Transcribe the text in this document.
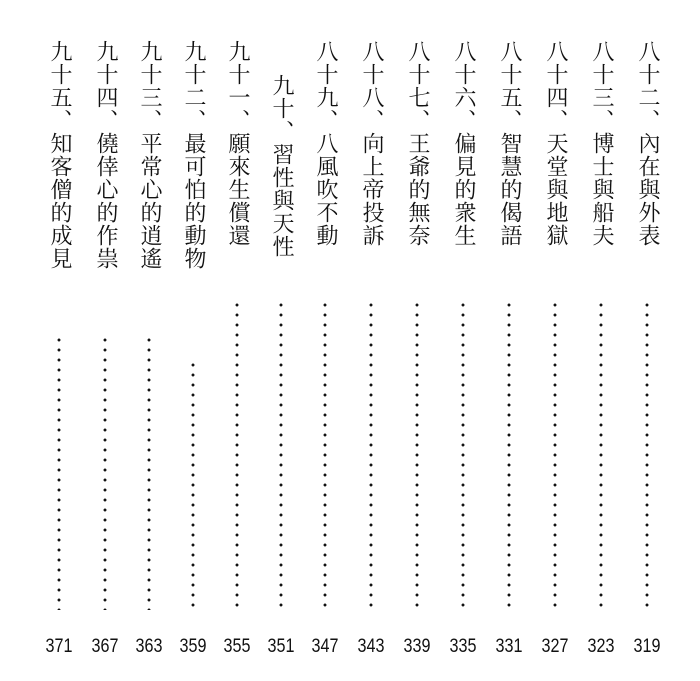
八十二、內在與外表
319
八十三、博士與船夫
323
八十四、天堂與地獄
327
八十五、智慧的偈語
331
八十六、偏見的衆生
335
八十七、王爺的無奈
339
八十八、向上帝投訴
343
八十九、八風吹不動
347
九十、習性與天性
351
九十一、願來生償還
355
九十二、最可怕的動物
359
九十三、平常心的逍遙
363
九十四、僥倖心的作祟
367
九十五、知客僧的成見
371
